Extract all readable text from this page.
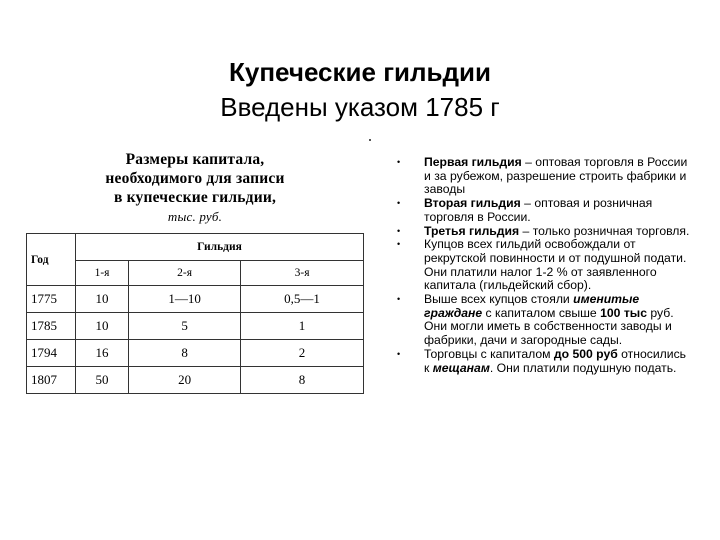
Купеческие гильдии
Введены указом 1785 г
Размеры капитала,
необходимого для записи
в купеческие гильдии,
тыс. руб.
Год	Гильдия		
	1-я	2-я	3-я
1775	10	1—10	0,5—1
1785	10	5	1
1794	16	8	2
1807	50	20	8
• Первая гильдия – оптовая торговля в России и за рубежом, разрешение строить фабрики и заводы
• Вторая гильдия – оптовая и розничная торговля в России.
• Третья гильдия – только розничная торговля.
• Купцов всех гильдий освобождали от рекрутской повинности и от подушной подати. Они платили налог 1-2 % от заявленного капитала (гильдейский сбор).
• Выше всех купцов стояли именитые граждане с капиталом свыше 100 тыс руб. Они могли иметь в собственности заводы и фабрики, дачи и загородные сады.
• Торговцы с капиталом до 500 руб относились к мещанам. Они платили подушную подать.
